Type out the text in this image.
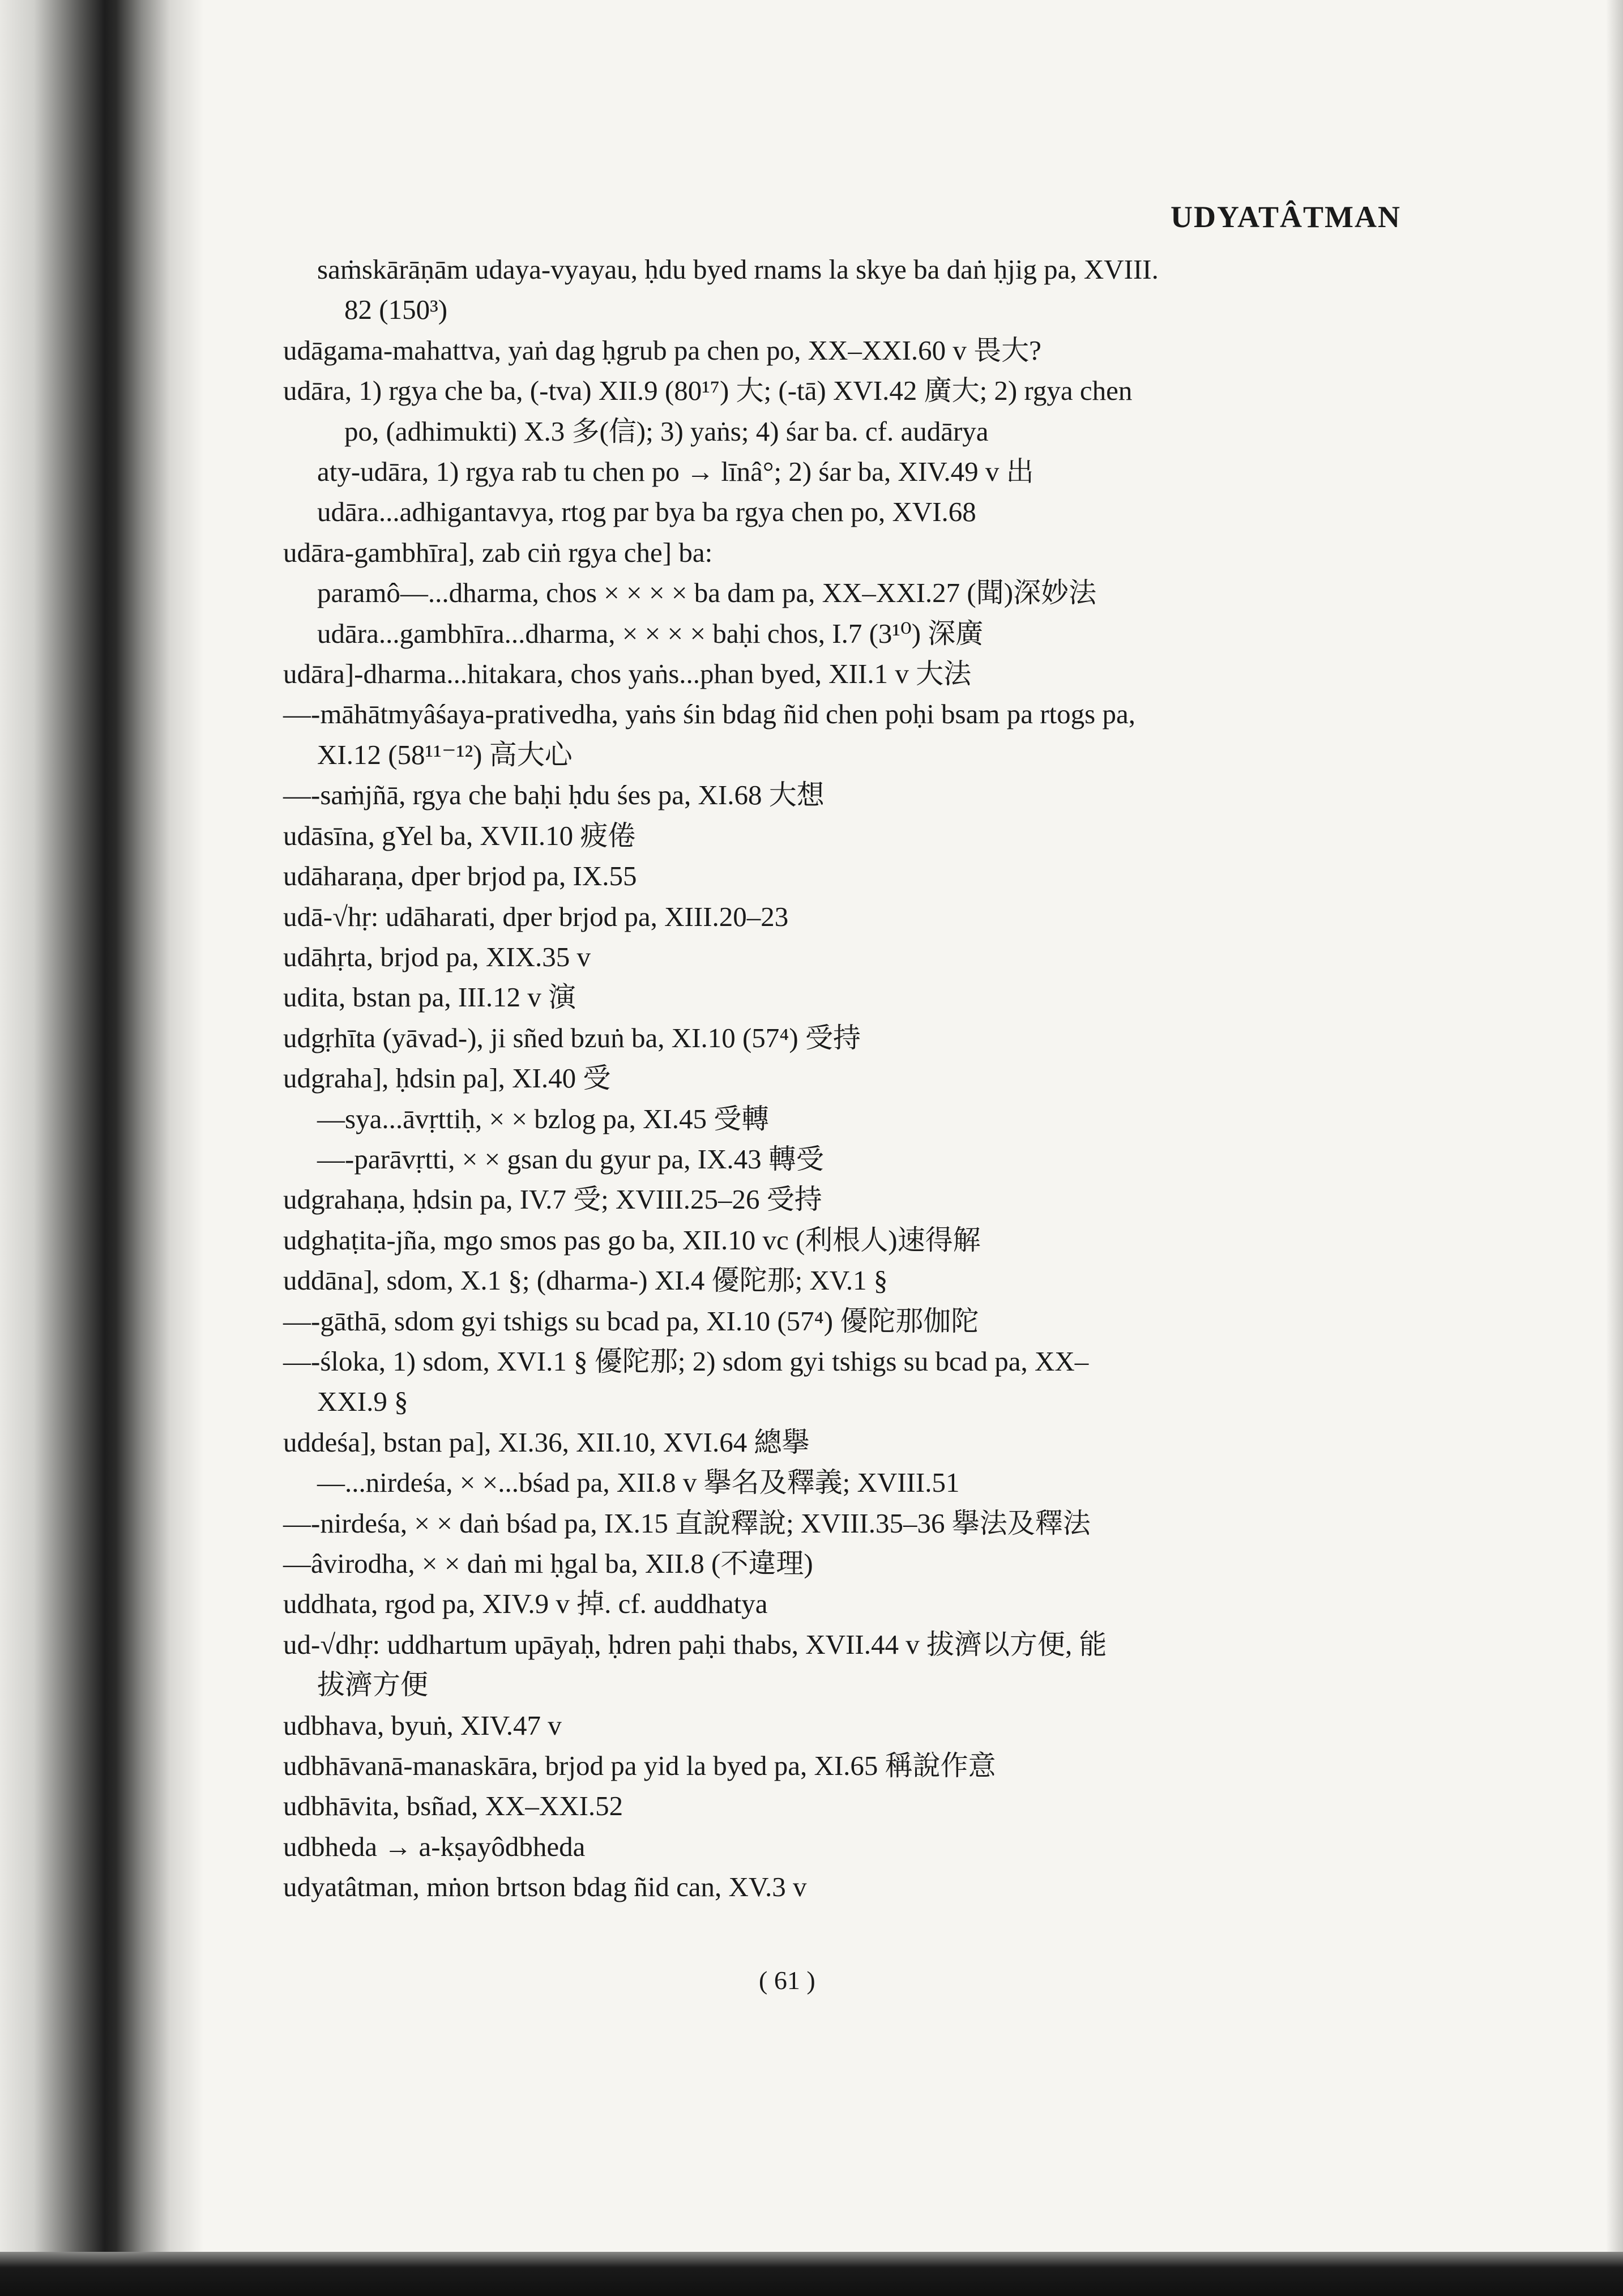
UDYATÂTMAN
saṁskārāṇām udaya-vyayau, ḥdu byed rnams la skye ba daṅ ḥjig pa, XVIII.
82 (150³)
udāgama-mahattva, yaṅ dag ḥgrub pa chen po, XX–XXI.60 v 畏大?
udāra, 1) rgya che ba, (-tva) XII.9 (80¹⁷) 大; (-tā) XVI.42 廣大; 2) rgya chen
po, (adhimukti) X.3 多(信); 3) yaṅs; 4) śar ba. cf. audārya
aty-udāra, 1) rgya rab tu chen po → līnâ°; 2) śar ba, XIV.49 v 出
udāra...adhigantavya, rtog par bya ba rgya chen po, XVI.68
udāra-gambhīra], zab ciṅ rgya che] ba:
paramô—...dharma, chos × × × × ba dam pa, XX–XXI.27 (聞)深妙法
udāra...gambhīra...dharma, × × × × baḥi chos, I.7 (3¹⁰) 深廣
udāra]-dharma...hitakara, chos yaṅs...phan byed, XII.1 v 大法
—-māhātmyâśaya-prativedha, yaṅs śin bdag ñid chen poḥi bsam pa rtogs pa,
XI.12 (58¹¹⁻¹²) 高大心
—-saṁjñā, rgya che baḥi ḥdu śes pa, XI.68 大想
udāsīna, gYel ba, XVII.10 疲倦
udāharaṇa, dper brjod pa, IX.55
udā-√hṛ: udāharati, dper brjod pa, XIII.20–23
udāhṛta, brjod pa, XIX.35 v
udita, bstan pa, III.12 v 演
udgṛhīta (yāvad-), ji sñed bzuṅ ba, XI.10 (57⁴) 受持
udgraha], ḥdsin pa], XI.40 受
—sya...āvṛttiḥ, × × bzlog pa, XI.45 受轉
—-parāvṛtti, × × gsan du gyur pa, IX.43 轉受
udgrahaṇa, ḥdsin pa, IV.7 受; XVIII.25–26 受持
udghaṭita-jña, mgo smos pas go ba, XII.10 vc (利根人)速得解
uddāna], sdom, X.1 §; (dharma-) XI.4 優陀那; XV.1 §
—-gāthā, sdom gyi tshigs su bcad pa, XI.10 (57⁴) 優陀那伽陀
—-śloka, 1) sdom, XVI.1 § 優陀那; 2) sdom gyi tshigs su bcad pa, XX–
XXI.9 §
uddeśa], bstan pa], XI.36, XII.10, XVI.64 總擧
—...nirdeśa, × ×...bśad pa, XII.8 v 擧名及釋義; XVIII.51
—-nirdeśa, × × daṅ bśad pa, IX.15 直說釋說; XVIII.35–36 擧法及釋法
—âvirodha, × × daṅ mi ḥgal ba, XII.8 (不違理)
uddhata, rgod pa, XIV.9 v 掉. cf. auddhatya
ud-√dhṛ: uddhartum upāyaḥ, ḥdren paḥi thabs, XVII.44 v 拔濟以方便, 能
拔濟方便
udbhava, byuṅ, XIV.47 v
udbhāvanā-manaskāra, brjod pa yid la byed pa, XI.65 稱說作意
udbhāvita, bsñad, XX–XXI.52
udbheda → a-kṣayôdbheda
udyatâtman, mṅon brtson bdag ñid can, XV.3 v
( 61 )
